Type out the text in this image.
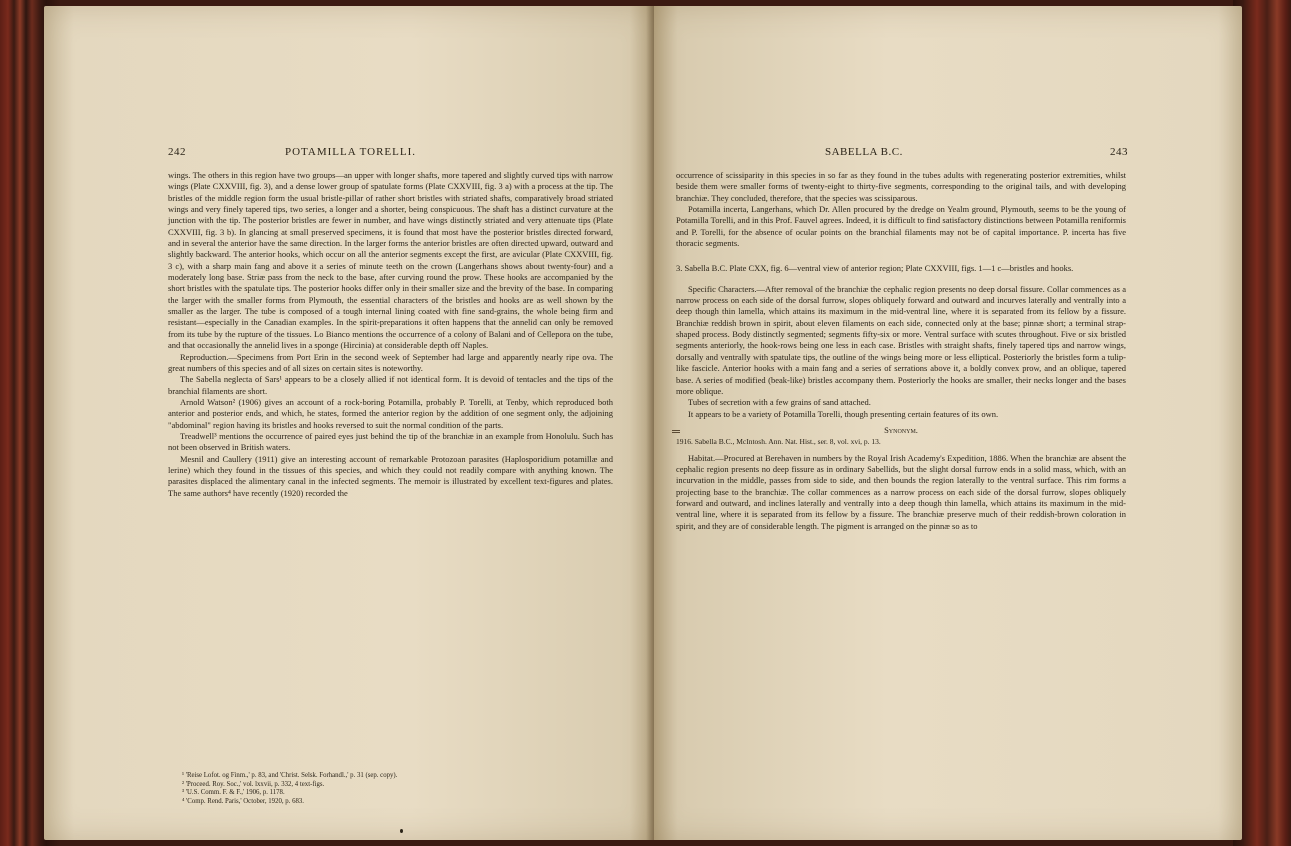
242	POTAMILLA TORELLI.

wings. The others in this region have two groups—an upper with longer shafts, more tapered and slightly curved tips with narrow wings (Plate CXXVIII, fig. 3), and a dense lower group of spatulate forms (Plate CXXVIII, fig. 3 a) with a process at the tip. The bristles of the middle region form the usual bristle-pillar of rather short bristles with striated shafts, comparatively broad striated wings and very finely tapered tips, two series, a longer and a shorter, being conspicuous. The shaft has a distinct curvature at the junction with the tip. The posterior bristles are fewer in number, and have wings distinctly striated and very attenuate tips (Plate CXXVIII, fig. 3 b). In glancing at small preserved specimens, it is found that most have the posterior bristles directed forward, and in several the anterior have the same direction. In the larger forms the anterior bristles are often directed upward, outward and slightly backward. The anterior hooks, which occur on all the anterior segments except the first, are avicular (Plate CXXVIII, fig. 3 c), with a sharp main fang and above it a series of minute teeth on the crown (Langerhans shows about twenty-four) and a moderately long base. Striæ pass from the neck to the base, after curving round the prow. These hooks are accompanied by the short bristles with the spatulate tips. The posterior hooks differ only in their smaller size and the brevity of the base. In comparing the larger with the smaller forms from Plymouth, the essential characters of the bristles and hooks are as well shown by the smaller as the larger. The tube is composed of a tough internal lining coated with fine sand-grains, the whole being firm and resistant—especially in the Canadian examples. In the spirit-preparations it often happens that the annelid can only be removed from its tube by the rupture of the tissues. Lo Bianco mentions the occurrence of a colony of Balani and of Cellepora on the tube, and that occasionally the annelid lives in a sponge (Hircinia) at considerable depth off Naples.

Reproduction.—Specimens from Port Erin in the second week of September had large and apparently nearly ripe ova. The great numbers of this species and of all sizes on certain sites is noteworthy.

The Sabella neglecta of Sars¹ appears to be a closely allied if not identical form. It is devoid of tentacles and the tips of the branchial filaments are short.

Arnold Watson² (1906) gives an account of a rock-boring Potamilla, probably P. Torelli, at Tenby, which reproduced both anterior and posterior ends, and which, he states, formed the anterior region by the addition of one segment only, the adjoining "abdominal" region having its bristles and hooks reversed to suit the normal condition of the parts.

Treadwell³ mentions the occurrence of paired eyes just behind the tip of the branchiæ in an example from Honolulu. Such has not been observed in British waters.

Mesnil and Caullery (1911) give an interesting account of remarkable Protozoan parasites (Haplosporidium potamillæ and lerine) which they found in the tissues of this species, and which they could not readily compare with anything known. The parasites displaced the alimentary canal in the infected segments. The memoir is illustrated by excellent text-figures and plates. The same authors⁴ have recently (1920) recorded the

¹ 'Reise Lofot. og Finm.,' p. 83, and 'Christ. Selsk. Forhandl.,' p. 31 (sep. copy).

² 'Proceed. Roy. Soc.,' vol. lxxvii, p. 332, 4 text-figs.

³ 'U.S. Comm. F. & F.,' 1906, p. 1178.

⁴ 'Comp. Rend. Paris,' October, 1920, p. 683.

SABELLA B.C.	243

occurrence of scissiparity in this species in so far as they found in the tubes adults with regenerating posterior extremities, whilst beside them were smaller forms of twenty-eight to thirty-five segments, corresponding to the original tails, and with developing branchiæ. They concluded, therefore, that the species was scissiparous.

Potamilla incerta, Langerhans, which Dr. Allen procured by the dredge on Yealm ground, Plymouth, seems to be the young of Potamilla Torelli, and in this Prof. Fauvel agrees. Indeed, it is difficult to find satisfactory distinctions between Potamilla reniformis and P. Torelli, for the absence of ocular points on the branchial filaments may not be of capital importance. P. incerta has five thoracic segments.

3. Sabella B.C. Plate CXX, fig. 6—ventral view of anterior region; Plate CXXVIII, figs. 1—1 c—bristles and hooks.

Specific Characters.—After removal of the branchiæ the cephalic region presents no deep dorsal fissure. Collar commences as a narrow process on each side of the dorsal furrow, slopes obliquely forward and outward and incurves laterally and ventrally into a deep though thin lamella, which attains its maximum in the mid-ventral line, where it is separated from its fellow by a fissure. Branchiæ reddish brown in spirit, about eleven filaments on each side, connected only at the base; pinnæ short; a terminal strap-shaped process. Body distinctly segmented; segments fifty-six or more. Ventral surface with scutes throughout. Five or six bristled segments anteriorly, the hook-rows being one less in each case. Bristles with straight shafts, finely tapered tips and narrow wings, dorsally and ventrally with spatulate tips, the outline of the wings being more or less elliptical. Posteriorly the bristles form a tulip-like fascicle. Anterior hooks with a main fang and a series of serrations above it, a boldly convex prow, and an oblique, tapered base. A series of modified (beak-like) bristles accompany them. Posteriorly the hooks are smaller, their necks longer and the bases more oblique.

Tubes of secretion with a few grains of sand attached.

It appears to be a variety of Potamilla Torelli, though presenting certain features of its own.

Synonym.

1916. Sabella B.C., McIntosh. Ann. Nat. Hist., ser. 8, vol. xvi, p. 13.

Habitat.—Procured at Berehaven in numbers by the Royal Irish Academy's Expedition, 1886. When the branchiæ are absent the cephalic region presents no deep fissure as in ordinary Sabellids, but the slight dorsal furrow ends in a solid mass, which, with an incurvation in the middle, passes from side to side, and then bounds the region laterally to the ventral surface. This rim forms a projecting base to the branchiæ. The collar commences as a narrow process on each side of the dorsal furrow, slopes obliquely forward and outward, and inclines laterally and ventrally into a deep though thin lamella, which attains its maximum in the mid-ventral line, where it is separated from its fellow by a fissure. The branchiæ preserve much of their reddish-brown coloration in spirit, and they are of considerable length. The pigment is arranged on the pinnæ so as to
